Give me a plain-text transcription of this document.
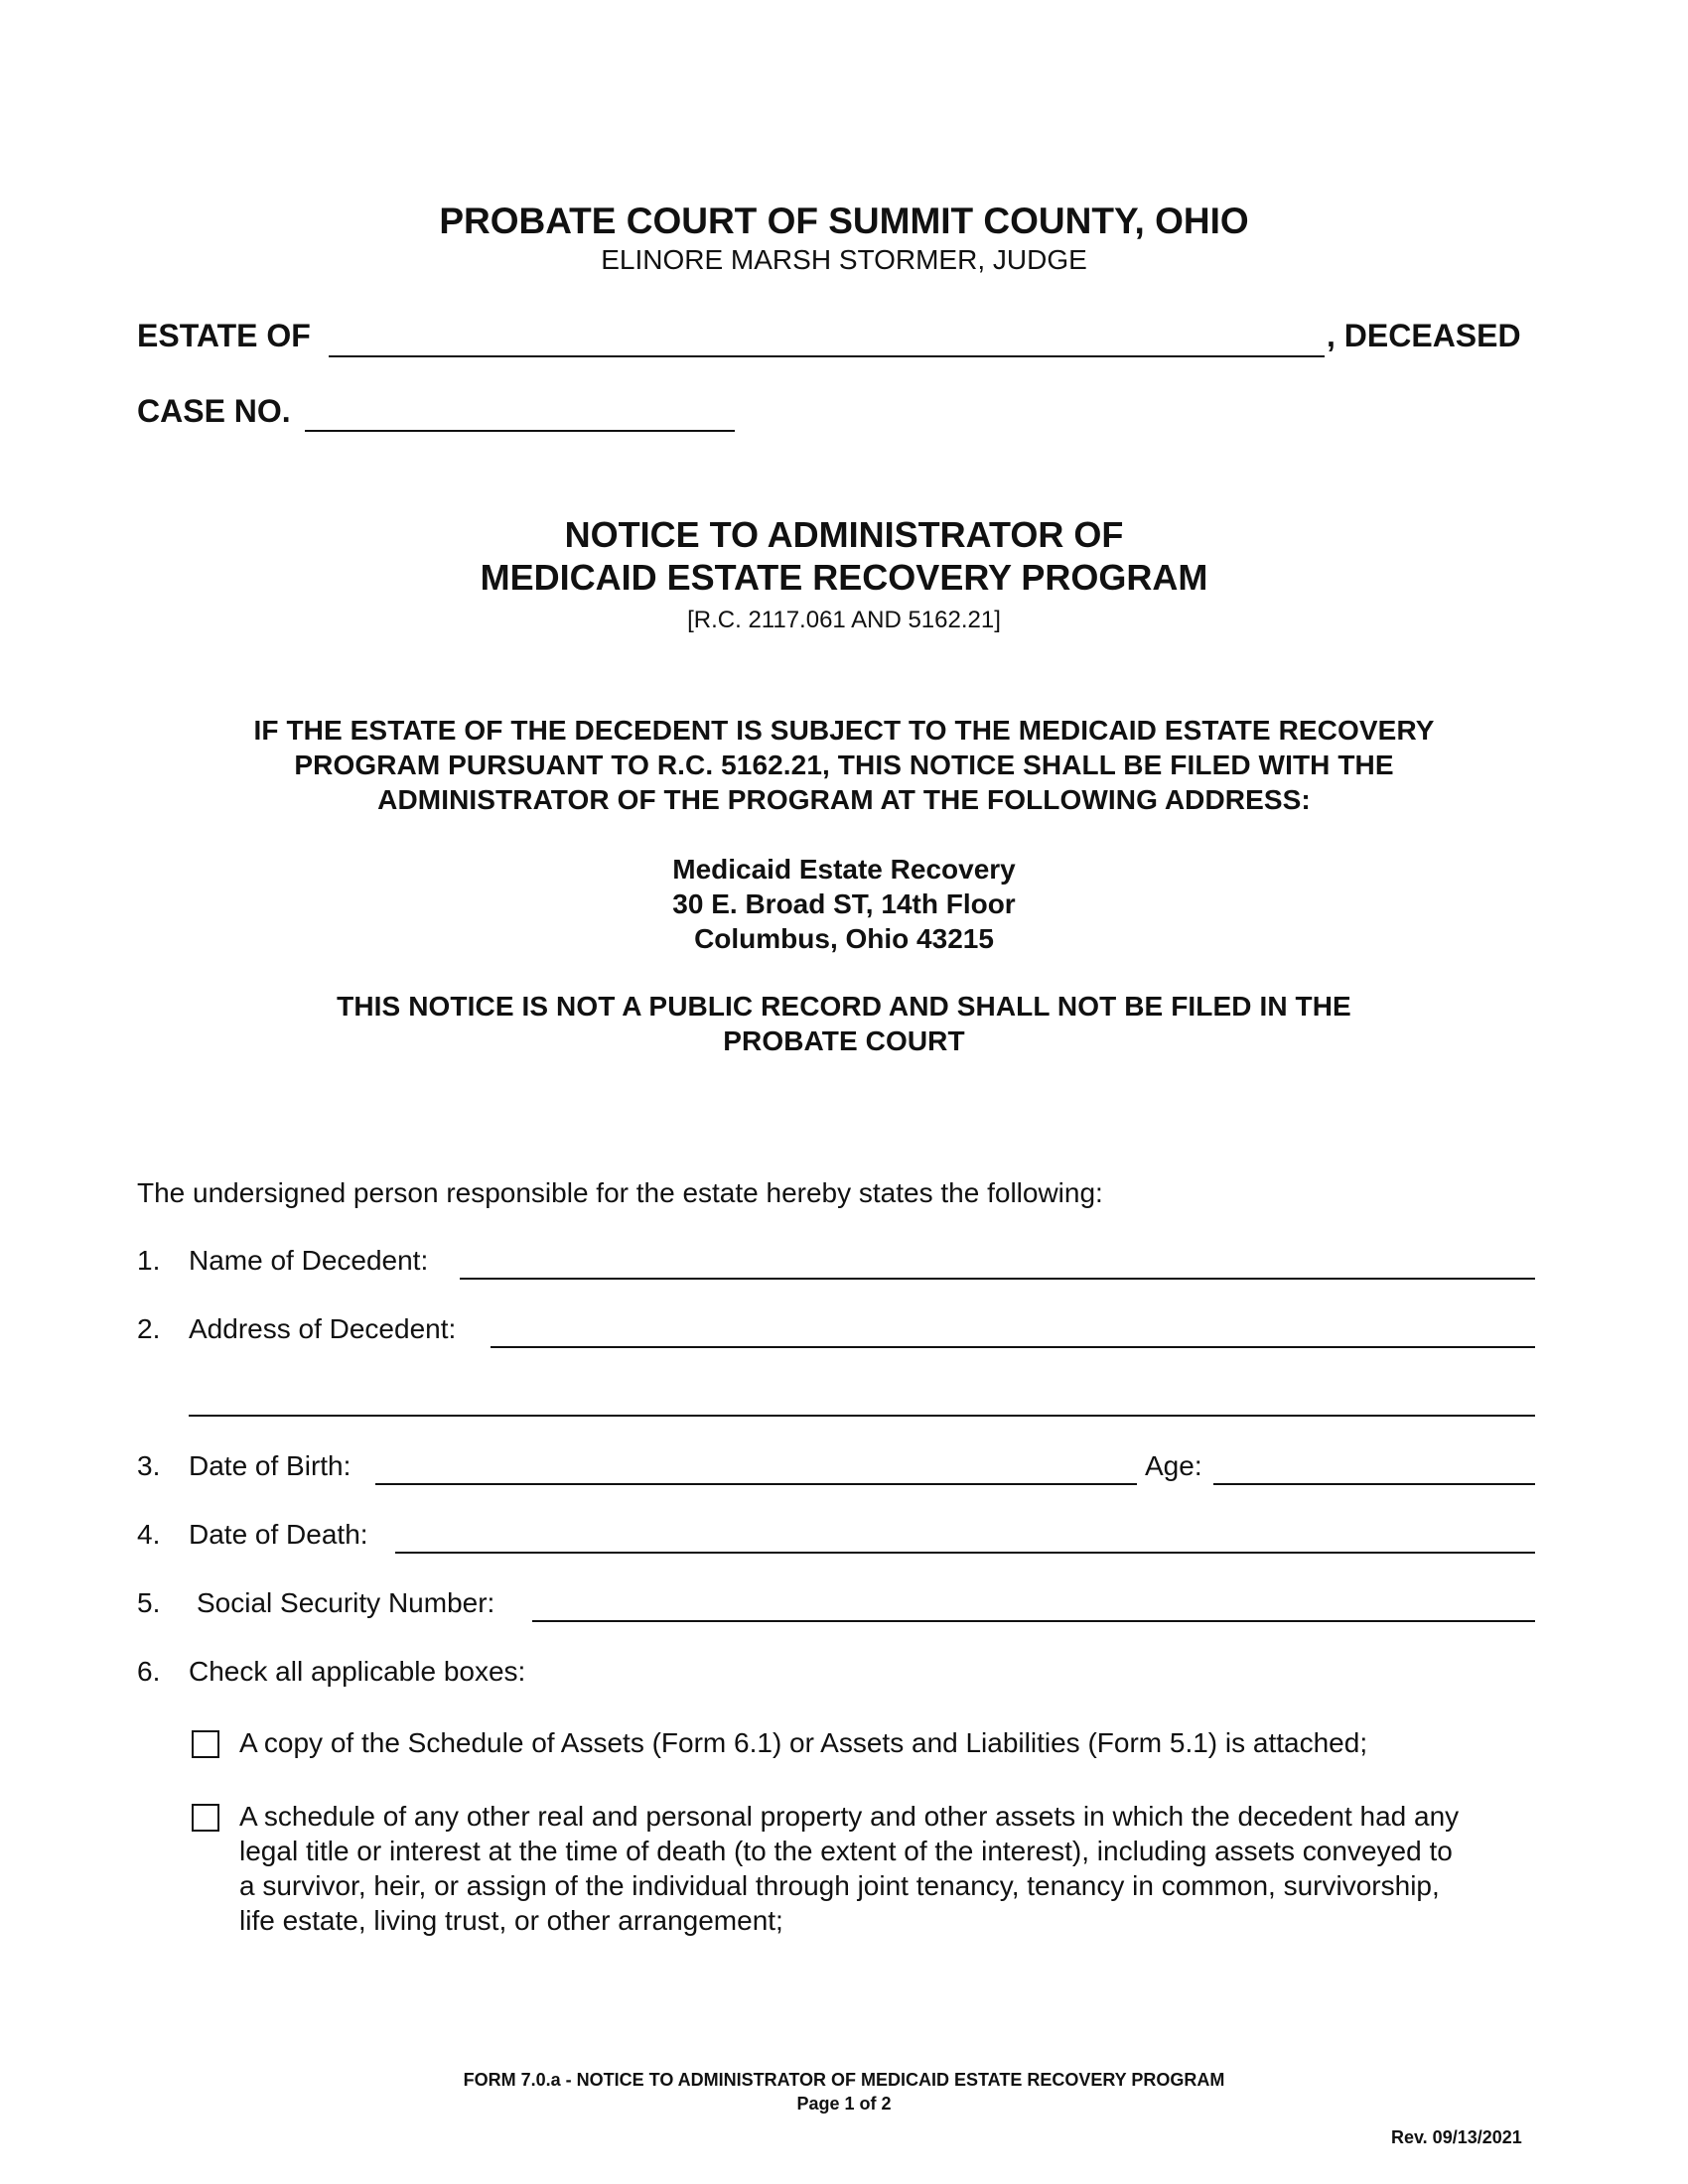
PROBATE COURT OF SUMMIT COUNTY, OHIO
ELINORE MARSH STORMER, JUDGE
ESTATE OF	, DECEASED
CASE NO.
NOTICE TO ADMINISTRATOR OF
MEDICAID ESTATE RECOVERY PROGRAM
[R.C. 2117.061 AND 5162.21]
IF THE ESTATE OF THE DECEDENT IS SUBJECT TO THE MEDICAID ESTATE RECOVERY
PROGRAM PURSUANT TO R.C. 5162.21, THIS NOTICE SHALL BE FILED WITH THE
ADMINISTRATOR OF THE PROGRAM AT THE FOLLOWING ADDRESS:
Medicaid Estate Recovery
30 E. Broad ST, 14th Floor
Columbus, Ohio 43215
THIS NOTICE IS NOT A PUBLIC RECORD AND SHALL NOT BE FILED IN THE
PROBATE COURT
The undersigned person responsible for the estate hereby states the following:
1. Name of Decedent:
2. Address of Decedent:
3. Date of Birth:	Age:
4. Date of Death:
5. Social Security Number:
6. Check all applicable boxes:
A copy of the Schedule of Assets (Form 6.1) or Assets and Liabilities (Form 5.1) is attached;
A schedule of any other real and personal property and other assets in which the decedent had any
legal title or interest at the time of death (to the extent of the interest), including assets conveyed to
a survivor, heir, or assign of the individual through joint tenancy, tenancy in common, survivorship,
life estate, living trust, or other arrangement;
FORM 7.0.a - NOTICE TO ADMINISTRATOR OF MEDICAID ESTATE RECOVERY PROGRAM
Page 1 of 2
Rev. 09/13/2021
